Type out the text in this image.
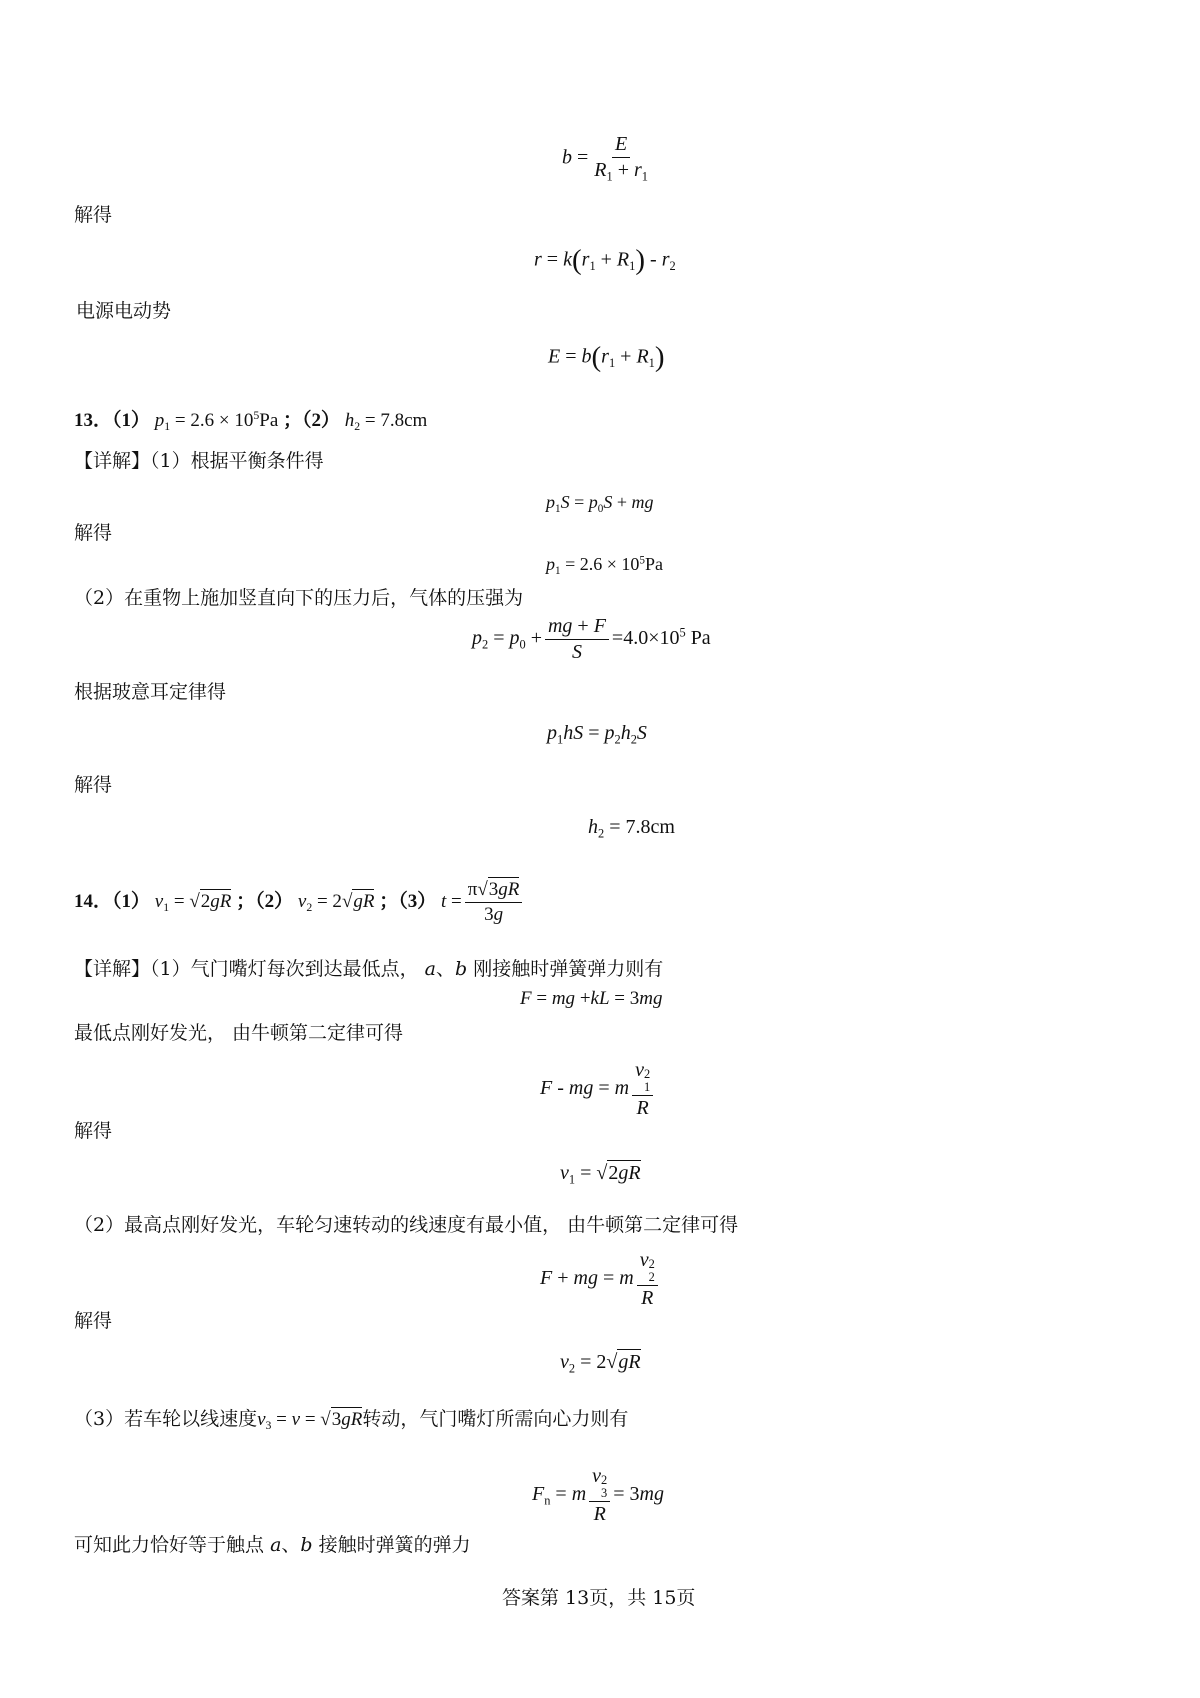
$b = \frac{E}{R_1 + r_1}$
解得
$r = k(r_1 + R_1) - r_2$
电源电动势
$E = b(r_1 + R_1)$
13．（1） $p_1 = 2.6 \times 10^5Pa$ ；（2） $h_2 = 7.8cm$
【详解】（1）根据平衡条件得
$p_1S = p_0S$ + mg
解得
$p_1 = 2.6 \times 10^5Pa$
（2）在重物上施加竖直向下的压力后，气体的压强为
$p_2 = p_0 + \frac{mg + F}{S} =4.0\times 10^5$ Pa
根据玻意耳定律得
$p_1hS = p_2h_2S$
解得
$h_2 = 7.8cm$
14．（1） $v_1 = √2gR$ ；（2） $v_2 = 2√gR$ ；（3） $t = \frac{\pi√3gR}{3g}$
【详解】（1）气门嘴灯每次到达最低点， a、b 刚接触时弹簧弹力则有
F = mg +kL = 3mg
最低点刚好发光， 由牛顿第二定律可得
F - mg = m v 2
1
R
解得
$v_1 = √2gR$
（2）最高点刚好发光，车轮匀速转动的线速度有最小值， 由牛顿第二定律可得
F + mg = m v 2
2
R
解得
$v_2 = 2√gR$
（3）若车轮以线速度$v_3 = v = √3gR$转动，气门嘴灯所需向心力则有
$F_n = m$ v 2
3
R = 3mg
可知此力恰好等于触点 a、b 接触时弹簧的弹力
答案第 13页，共 15页
